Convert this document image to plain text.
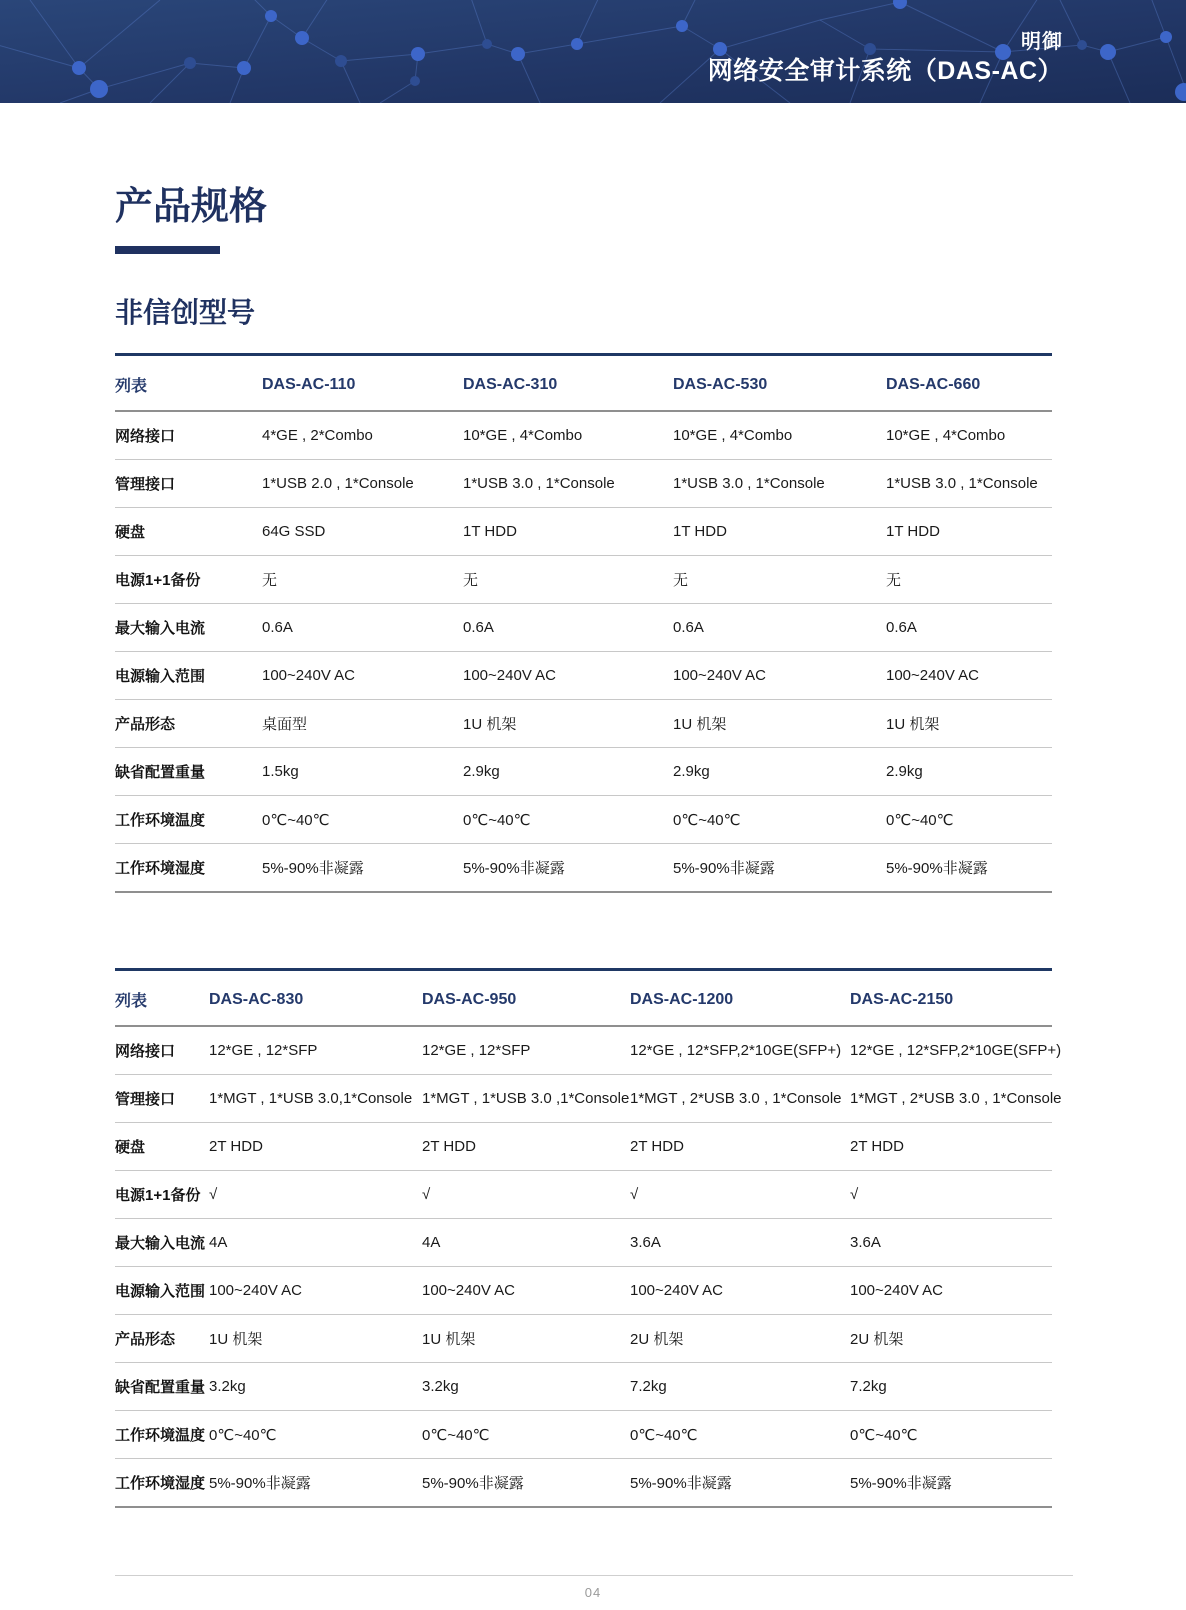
明御
网络安全审计系统（DAS-AC）
产品规格
非信创型号
列表	DAS-AC-110	DAS-AC-310	DAS-AC-530	DAS-AC-660
网络接口	4*GE , 2*Combo	10*GE , 4*Combo	10*GE , 4*Combo	10*GE , 4*Combo
管理接口	1*USB 2.0 , 1*Console	1*USB 3.0 , 1*Console	1*USB 3.0 , 1*Console	1*USB 3.0 , 1*Console
硬盘	64G SSD	1T HDD	1T HDD	1T HDD
电源1+1备份	无	无	无	无
最大输入电流	0.6A	0.6A	0.6A	0.6A
电源输入范围	100~240V AC	100~240V AC	100~240V AC	100~240V AC
产品形态	桌面型	1U 机架	1U 机架	1U 机架
缺省配置重量	1.5kg	2.9kg	2.9kg	2.9kg
工作环境温度	0℃~40℃	0℃~40℃	0℃~40℃	0℃~40℃
工作环境湿度	5%-90%非凝露	5%-90%非凝露	5%-90%非凝露	5%-90%非凝露
列表	DAS-AC-830	DAS-AC-950	DAS-AC-1200	DAS-AC-2150
网络接口	12*GE , 12*SFP	12*GE , 12*SFP	12*GE , 12*SFP,2*10GE(SFP+)	12*GE , 12*SFP,2*10GE(SFP+)
管理接口	1*MGT , 1*USB 3.0,1*Console	1*MGT , 1*USB 3.0 ,1*Console	1*MGT , 2*USB 3.0 , 1*Console	1*MGT , 2*USB 3.0 , 1*Console
硬盘	2T HDD	2T HDD	2T HDD	2T HDD
电源1+1备份	√	√	√	√
最大输入电流	4A	4A	3.6A	3.6A
电源输入范围	100~240V AC	100~240V AC	100~240V AC	100~240V AC
产品形态	1U 机架	1U 机架	2U 机架	2U 机架
缺省配置重量	3.2kg	3.2kg	7.2kg	7.2kg
工作环境温度	0℃~40℃	0℃~40℃	0℃~40℃	0℃~40℃
工作环境湿度	5%-90%非凝露	5%-90%非凝露	5%-90%非凝露	5%-90%非凝露
04
